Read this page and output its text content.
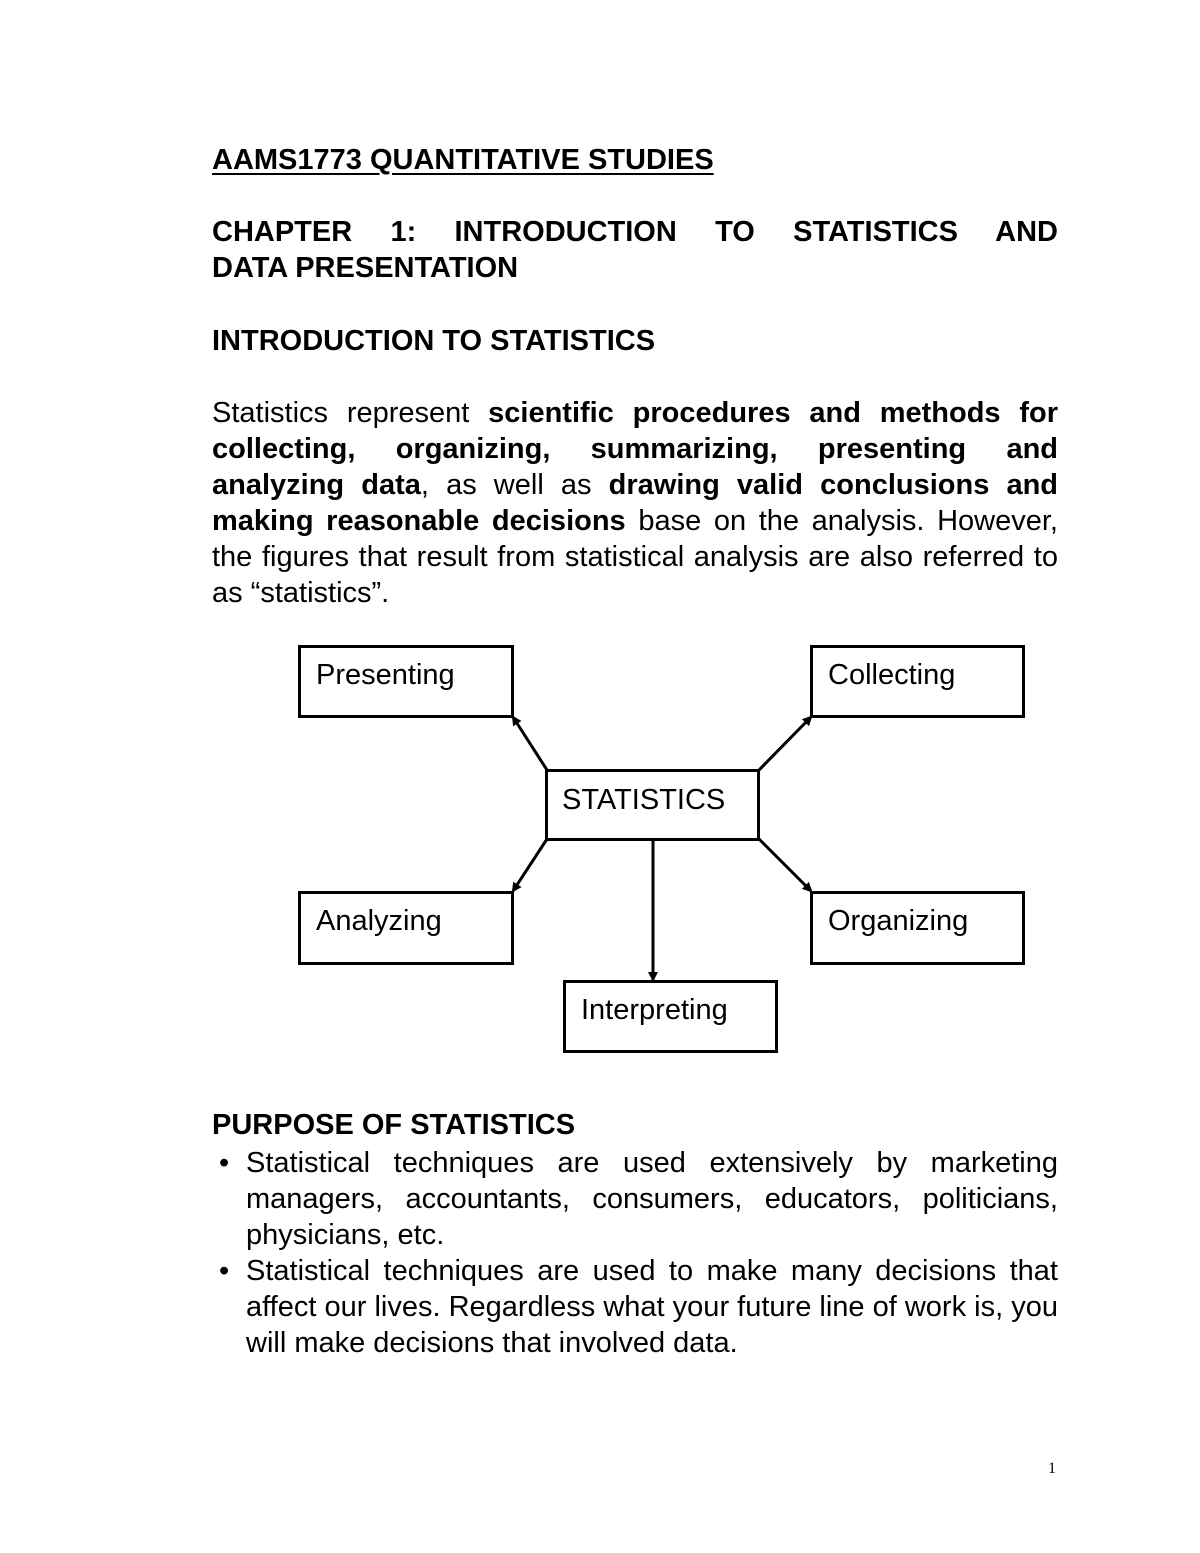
AAMS1773 QUANTITATIVE STUDIES
CHAPTER 1: INTRODUCTION TO STATISTICS AND
DATA PRESENTATION
INTRODUCTION TO STATISTICS
Statistics represent scientific procedures and methods for collecting, organizing, summarizing, presenting and analyzing data, as well as drawing valid conclusions and making reasonable decisions base on the analysis. However, the figures that result from statistical analysis are also referred to as “statistics”.
Presenting	Collecting
STATISTICS
Analyzing	Organizing
Interpreting
PURPOSE OF STATISTICS
• Statistical techniques are used extensively by marketing managers, accountants, consumers, educators, politicians, physicians, etc.
• Statistical techniques are used to make many decisions that affect our lives. Regardless what your future line of work is, you will make decisions that involved data.
1
